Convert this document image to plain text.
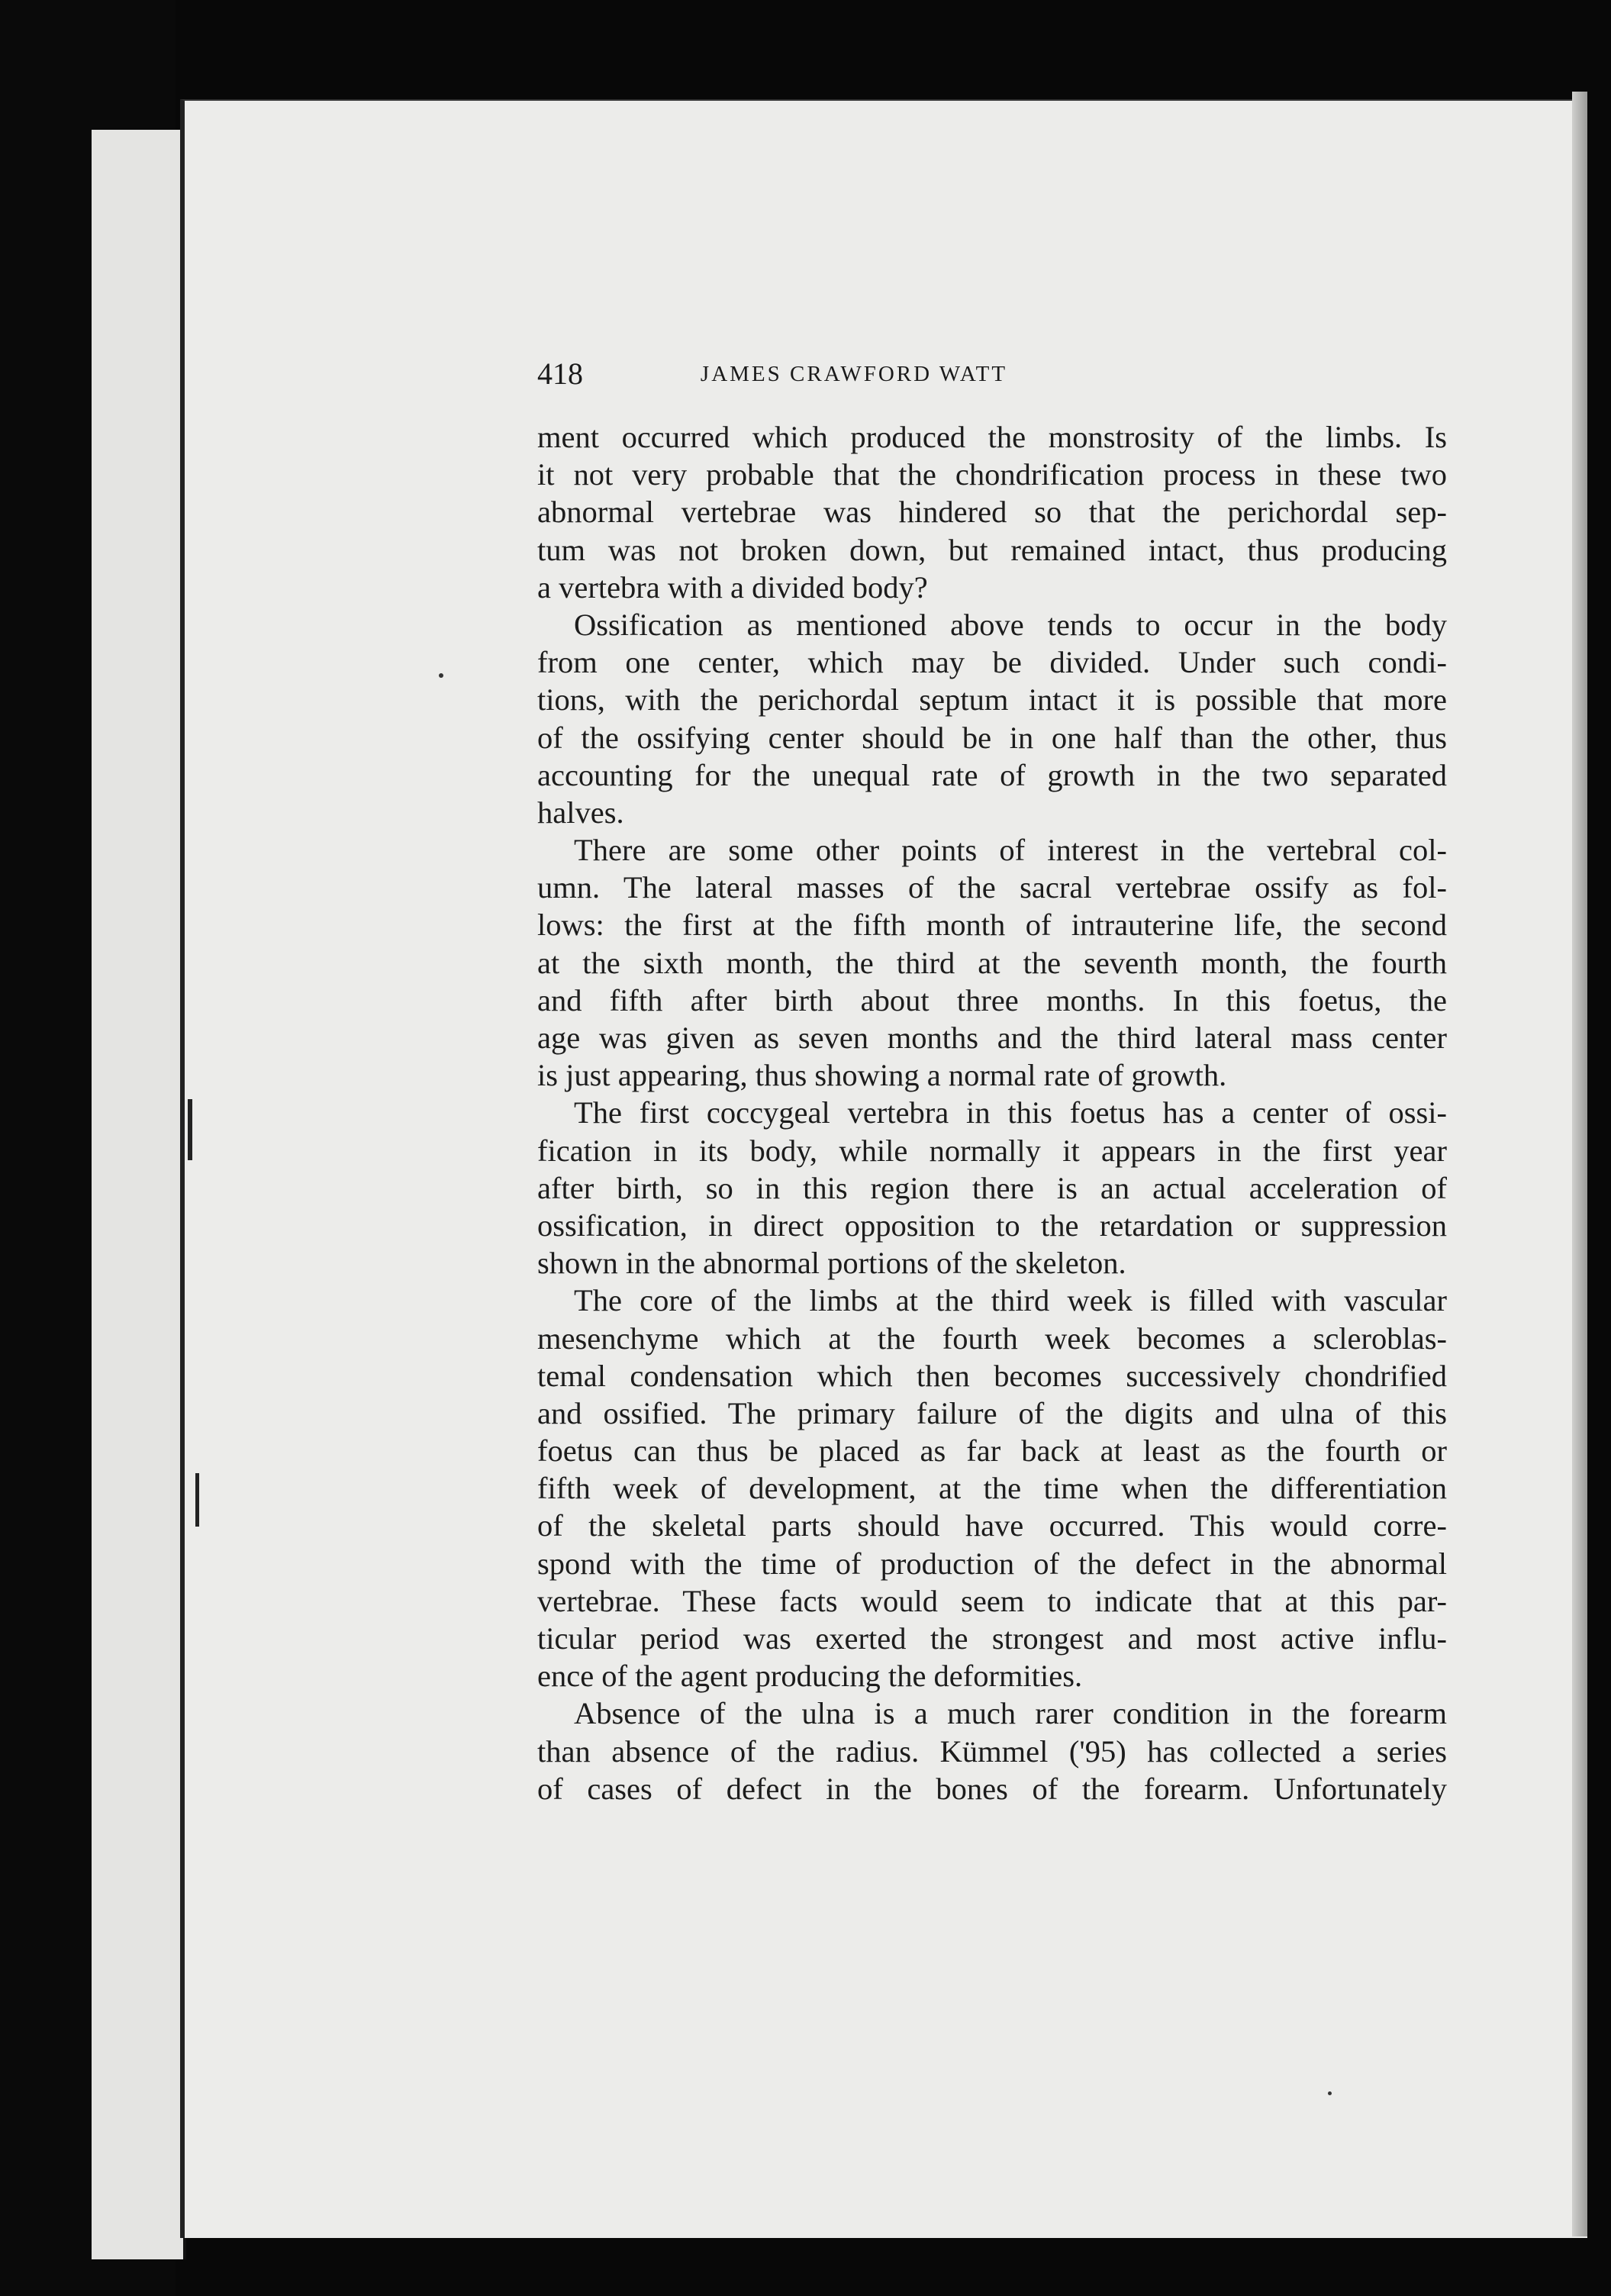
418	JAMES CRAWFORD WATT
ment occurred which produced the monstrosity of the limbs. Is
it not very probable that the chondrification process in these two
abnormal vertebrae was hindered so that the perichordal sep-
tum was not broken down, but remained intact, thus producing
a vertebra with a divided body?
Ossification as mentioned above tends to occur in the body
from one center, which may be divided. Under such condi-
tions, with the perichordal septum intact it is possible that more
of the ossifying center should be in one half than the other, thus
accounting for the unequal rate of growth in the two separated
halves.
There are some other points of interest in the vertebral col-
umn. The lateral masses of the sacral vertebrae ossify as fol-
lows: the first at the fifth month of intrauterine life, the second
at the sixth month, the third at the seventh month, the fourth
and fifth after birth about three months. In this foetus, the
age was given as seven months and the third lateral mass center
is just appearing, thus showing a normal rate of growth.
The first coccygeal vertebra in this foetus has a center of ossi-
fication in its body, while normally it appears in the first year
after birth, so in this region there is an actual acceleration of
ossification, in direct opposition to the retardation or suppression
shown in the abnormal portions of the skeleton.
The core of the limbs at the third week is filled with vascular
mesenchyme which at the fourth week becomes a scleroblas-
temal condensation which then becomes successively chondrified
and ossified. The primary failure of the digits and ulna of this
foetus can thus be placed as far back at least as the fourth or
fifth week of development, at the time when the differentiation
of the skeletal parts should have occurred. This would corre-
spond with the time of production of the defect in the abnormal
vertebrae. These facts would seem to indicate that at this par-
ticular period was exerted the strongest and most active influ-
ence of the agent producing the deformities.
Absence of the ulna is a much rarer condition in the forearm
than absence of the radius. Kümmel ('95) has collected a series
of cases of defect in the bones of the forearm. Unfortunately
